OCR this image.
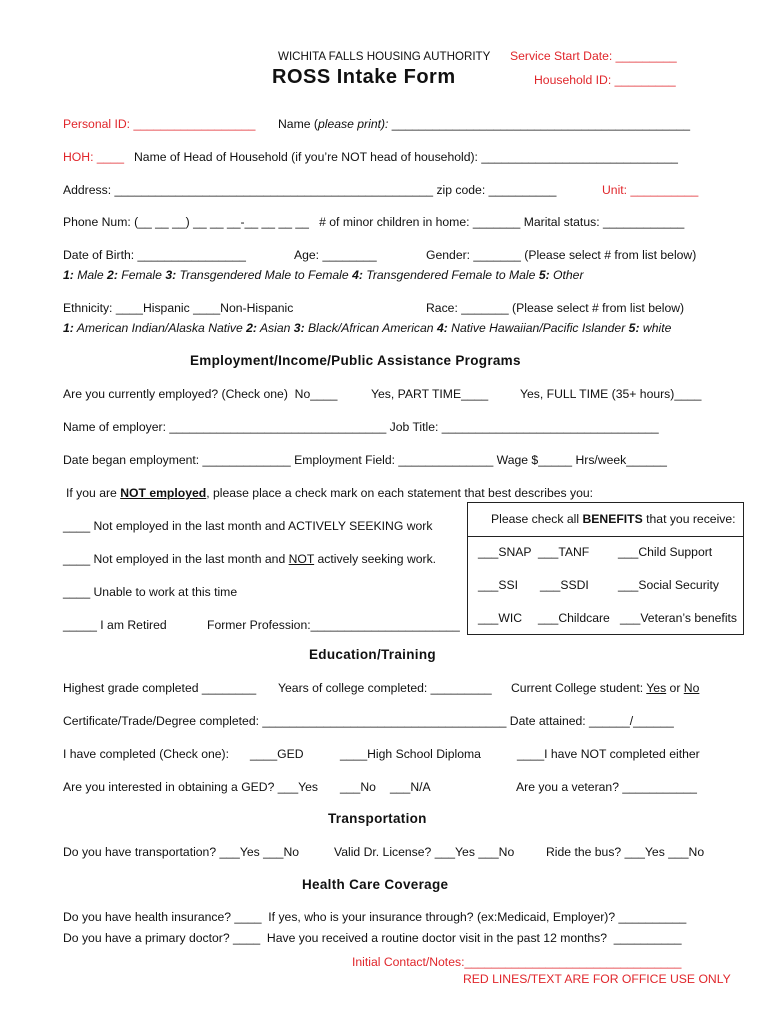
WICHITA FALLS HOUSING AUTHORITY Service Start Date: _________
ROSS Intake Form	Household ID: _________
Personal ID: __________________ Name (please print): ____________________________________________
HOH: ____ Name of Head of Household (if you’re NOT head of household): _____________________________
Address: _______________________________________________ zip code: __________	Unit: __________
Phone Num: (__ __ __) __ __ __-__ __ __ __   # of minor children in home: _______ Marital status: ____________
Date of Birth: ________________	Age: ________	Gender: _______ (Please select # from list below)
1: Male 2: Female 3: Transgendered Male to Female 4: Transgendered Female to Male 5: Other
Ethnicity: ____Hispanic ____Non-Hispanic	Race: _______ (Please select # from list below)
1: American Indian/Alaska Native 2: Asian 3: Black/African American 4: Native Hawaiian/Pacific Islander 5: white
Employment/Income/Public Assistance Programs
Are you currently employed? (Check one)  No____	Yes, PART TIME____	Yes, FULL TIME (35+ hours)____
Name of employer: ________________________________ Job Title: ________________________________
Date began employment: _____________ Employment Field: ______________ Wage $_____ Hrs/week______
If you are NOT employed, please place a check mark on each statement that best describes you:
____ Not employed in the last month and ACTIVELY SEEKING work
____ Not employed in the last month and NOT actively seeking work.
____ Unable to work at this time
_____ I am Retired	Former Profession:______________________
Please check all BENEFITS that you receive:
___SNAP ___TANF ___Child Support
___SSI ___SSDI ___Social Security
___WIC ___Childcare ___Veteran’s benefits
Education/Training
Highest grade completed ________ Years of college completed: _________ Current College student: Yes or No
Certificate/Trade/Degree completed: ____________________________________ Date attained: ______/______
I have completed (Check one): ____GED	____High School Diploma	____I have NOT completed either
Are you interested in obtaining a GED? ___Yes ___No ___N/A	Are you a veteran? ___________
Transportation
Do you have transportation? ___Yes ___No	Valid Dr. License? ___Yes ___No	Ride the bus? ___Yes ___No
Health Care Coverage
Do you have health insurance? ____  If yes, who is your insurance through? (ex:Medicaid, Employer)? __________
Do you have a primary doctor? ____  Have you received a routine doctor visit in the past 12 months?  __________
Initial Contact/Notes:________________________________
RED LINES/TEXT ARE FOR OFFICE USE ONLY
